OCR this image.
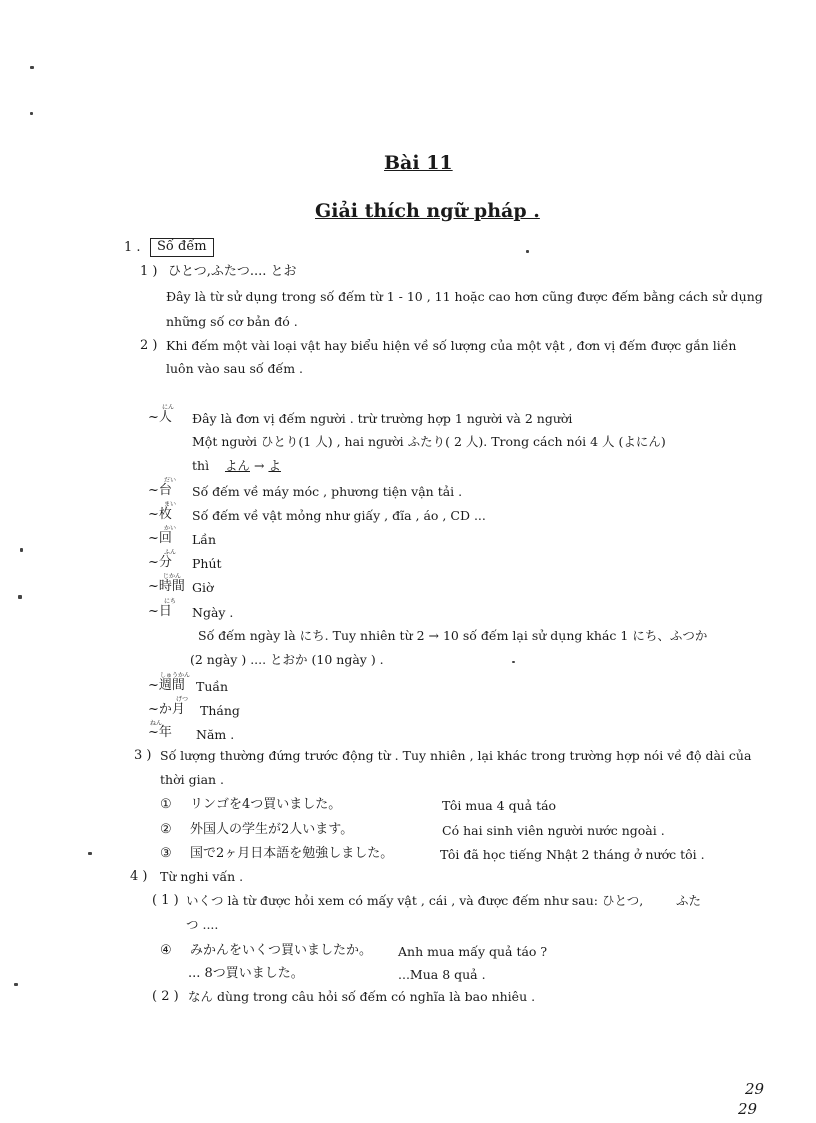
Bài 11
Giải thích ngữ pháp .
1 .	Số đếm
1 ) ひとつ,ふたつ.... とお
Đây là từ sử dụng trong số đếm từ 1 - 10 , 11 hoặc cao hơn cũng được đếm bằng cách sử dụng
những số cơ bản đó .
2 ) Khi đếm một vài loại vật hay biểu hiện về số lượng của một vật , đơn vị đếm được gắn liền
luôn vào sau số đếm .
にん
~人 Đây là đơn vị đếm người . trừ trường hợp 1 người và 2 người
Một người ひとり(1 人) , hai người ふたり( 2 人). Trong cách nói 4 人 (よにん)
thì よん → よ
だい
~台 Số đếm về máy móc , phương tiện vận tải .
まい
~枚 Số đếm về vật mỏng như giấy , đĩa , áo , CD ...
かい
~回 Lần
ふん
~分 Phút
じかん
~時間 Giờ
にち
~日 Ngày .
Số đếm ngày là にち. Tuy nhiên từ 2 → 10 số đếm lại sử dụng khác 1 にち、ふつか
(2 ngày ) .... とおか (10 ngày ) .
しゅうかん
~週間 Tuần
げつ
~か月 Tháng
ねん
~年 Năm .
3 ) Số lượng thường đứng trước động từ . Tuy nhiên , lại khác trong trường hợp nói về độ dài của
thời gian .
① リンゴを4つ買いました。	Tôi mua 4 quả táo
② 外国人の学生が2人います。	Có hai sinh viên người nước ngoài .
③ 国で2ヶ月日本語を勉強しました。	Tôi đã học tiếng Nhật 2 tháng ở nước tôi .
4 ) Từ nghi vấn .
( 1 ) いくつ là từ được hỏi xem có mấy vật , cái , và được đếm như sau: ひとつ,	ふた
つ ....
④ みかんをいくつ買いましたか。 Anh mua mấy quả táo ?
... 8つ買いました。	...Mua 8 quả .
( 2 ) なん dùng trong câu hỏi số đếm có nghĩa là bao nhiêu .
29
29
